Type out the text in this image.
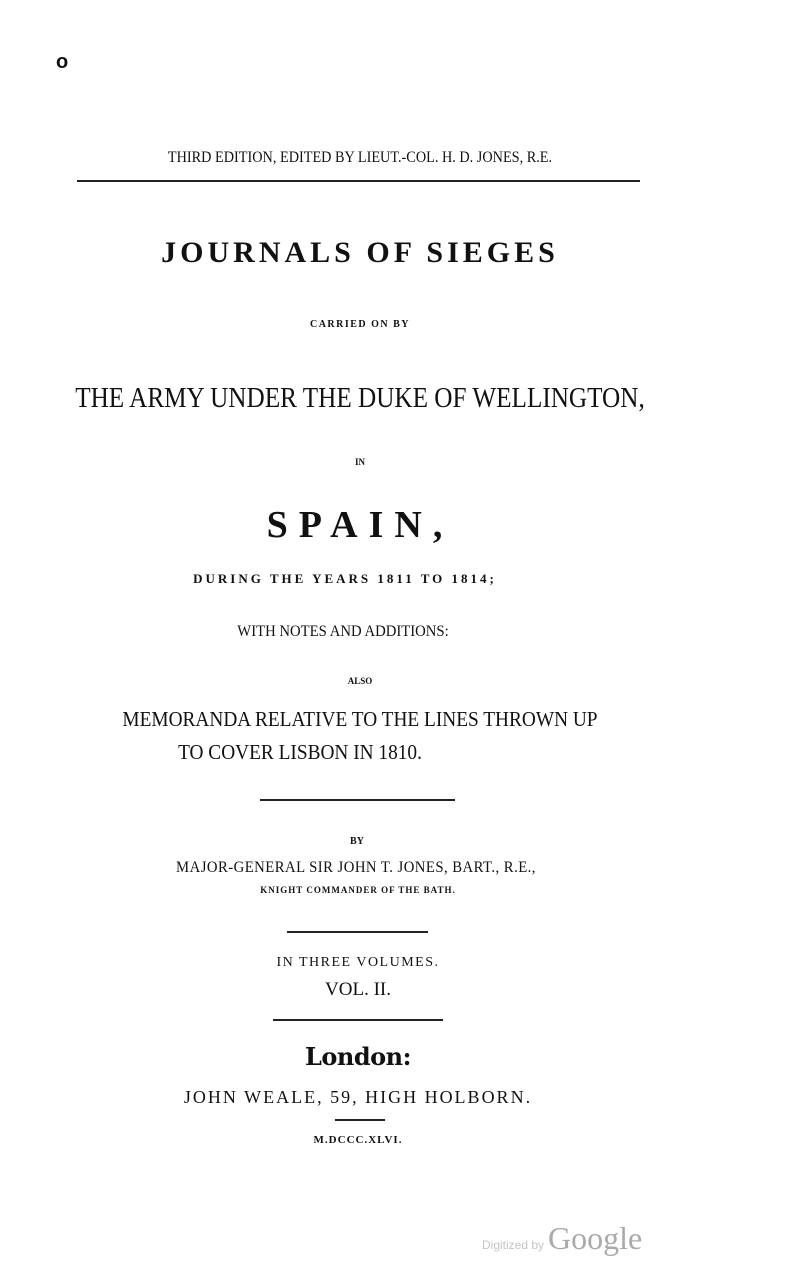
o
THIRD EDITION, EDITED BY LIEUT.-COL. H. D. JONES, R.E.
JOURNALS OF SIEGES
CARRIED ON BY
THE ARMY UNDER THE DUKE OF WELLINGTON,
IN
SPAIN,
DURING THE YEARS 1811 TO 1814;
WITH NOTES AND ADDITIONS:
ALSO
MEMORANDA RELATIVE TO THE LINES THROWN UP
TO COVER LISBON IN 1810.
BY
MAJOR-GENERAL SIR JOHN T. JONES, BART., R.E.,
KNIGHT COMMANDER OF THE BATH.
IN THREE VOLUMES.
VOL. II.
London:
JOHN WEALE, 59, HIGH HOLBORN.
M.DCCC.XLVI.
Digitized by Google
